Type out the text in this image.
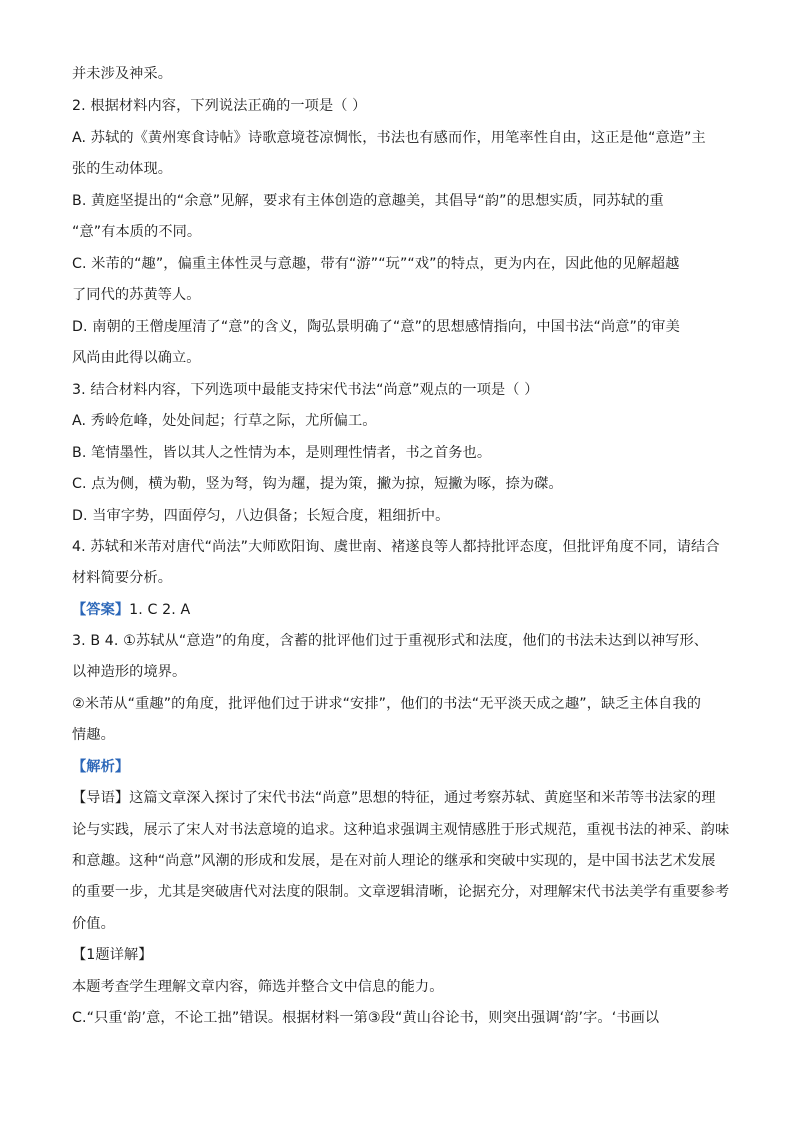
并未涉及神采。
2. 根据材料内容，下列说法正确的一项是（ ）
A. 苏轼的《黄州寒食诗帖》诗歌意境苍凉惆怅，书法也有感而作，用笔率性自由，这正是他“意造”主
张的生动体现。
B. 黄庭坚提出的“余意”见解，要求有主体创造的意趣美，其倡导“韵”的思想实质，同苏轼的重
“意”有本质的不同。
C. 米芾的“趣”，偏重主体性灵与意趣，带有“游”“玩”“戏”的特点，更为内在，因此他的见解超越
了同代的苏黄等人。
D. 南朝的王僧虔厘清了“意”的含义，陶弘景明确了“意”的思想感情指向，中国书法“尚意”的审美
风尚由此得以确立。
3. 结合材料内容，下列选项中最能支持宋代书法“尚意”观点的一项是（ ）
A. 秀岭危峰，处处间起；行草之际，尤所偏工。
B. 笔情墨性，皆以其人之性情为本，是则理性情者，书之首务也。
C. 点为侧，横为勒，竖为弩，钩为趯，提为策，撇为掠，短撇为啄，捺为磔。
D. 当审字势，四面停匀，八边俱备；长短合度，粗细折中。
4. 苏轼和米芾对唐代“尚法”大师欧阳询、虞世南、褚遂良等人都持批评态度，但批评角度不同，请结合
材料简要分析。
【答案】1. C 2. A
3. B 4. ①苏轼从“意造”的角度，含蓄的批评他们过于重视形式和法度，他们的书法未达到以神写形、
以神造形的境界。
②米芾从“重趣”的角度，批评他们过于讲求“安排”，他们的书法“无平淡天成之趣”，缺乏主体自我的
情趣。
【解析】
【导语】这篇文章深入探讨了宋代书法“尚意”思想的特征，通过考察苏轼、黄庭坚和米芾等书法家的理
论与实践，展示了宋人对书法意境的追求。这种追求强调主观情感胜于形式规范，重视书法的神采、韵味
和意趣。这种“尚意”风潮的形成和发展，是在对前人理论的继承和突破中实现的，是中国书法艺术发展
的重要一步，尤其是突破唐代对法度的限制。文章逻辑清晰，论据充分，对理解宋代书法美学有重要参考
价值。
【1题详解】
本题考查学生理解文章内容，筛选并整合文中信息的能力。
C.“只重‘韵’意，不论工拙”错误。根据材料一第③段“黄山谷论书，则突出强调‘韵’字。‘书画以
